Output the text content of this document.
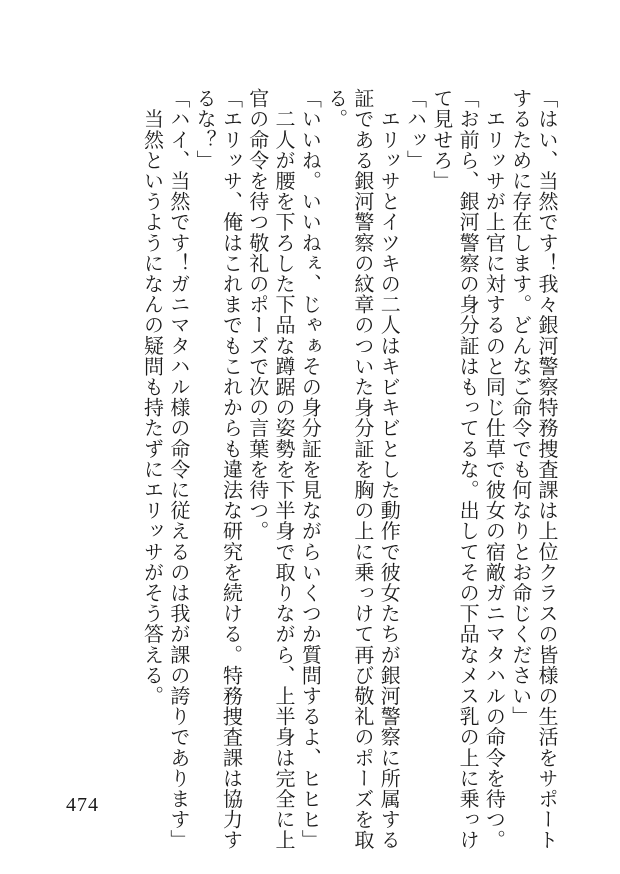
「はい、当然です！我々銀河警察特務捜査課は上位クラスの皆様の生活をサポート
するために存在します。どんなご命令でも何なりとお命じください」
　エリッサが上官に対するのと同じ仕草で彼女の宿敵ガニマタハルの命令を待つ。
「お前ら、銀河警察の身分証はもってるな。出してその下品なメス乳の上に乗っけ
て見せろ」
「ハッ」
　エリッサとイツキの二人はキビキビとした動作で彼女たちが銀河警察に所属する
証である銀河警察の紋章のついた身分証を胸の上に乗っけて再び敬礼のポーズを取
る。
「いいね。いいねぇ、じゃぁその身分証を見ながらいくつか質問するよ、ヒヒヒ」
　二人が腰を下ろした下品な蹲踞の姿勢を下半身で取りながら、上半身は完全に上
官の命令を待つ敬礼のポーズで次の言葉を待つ。
「エリッサ、俺はこれまでもこれからも違法な研究を続ける。特務捜査課は協力す
るな？」
「ハイ、当然です！ガニマタハル様の命令に従えるのは我が課の誇りであります」
　当然というようになんの疑問も持たずにエリッサがそう答える。
474
